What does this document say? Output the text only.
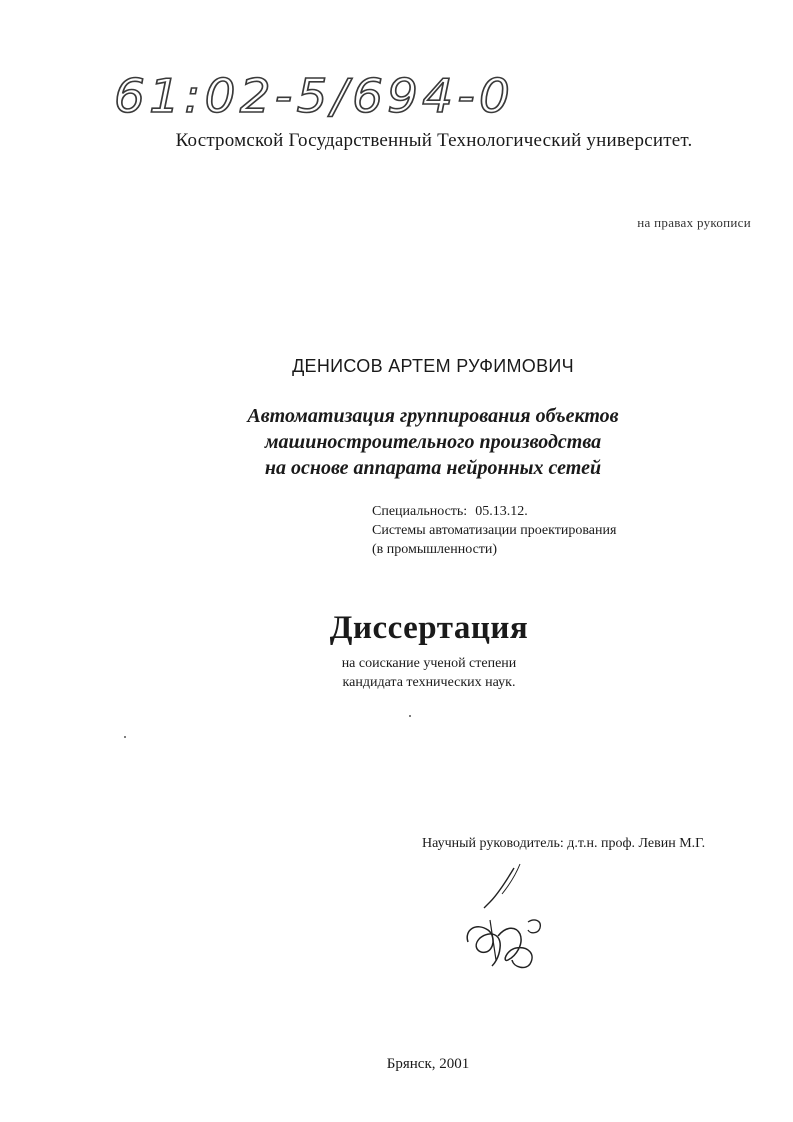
61:02-5/694-0
Костромской Государственный Технологический университет.
на правах рукописи
ДЕНИСОВ АРТЕМ РУФИМОВИЧ
Автоматизация группирования объектов
машиностроительного производства
на основе аппарата нейронных сетей
Специальность: 05.13.12.
Системы автоматизации проектирования
(в промышленности)
Диссертация
на соискание ученой степени
кандидата технических наук.
Научный руководитель: д.т.н. проф. Левин М.Г.
Брянск, 2001
